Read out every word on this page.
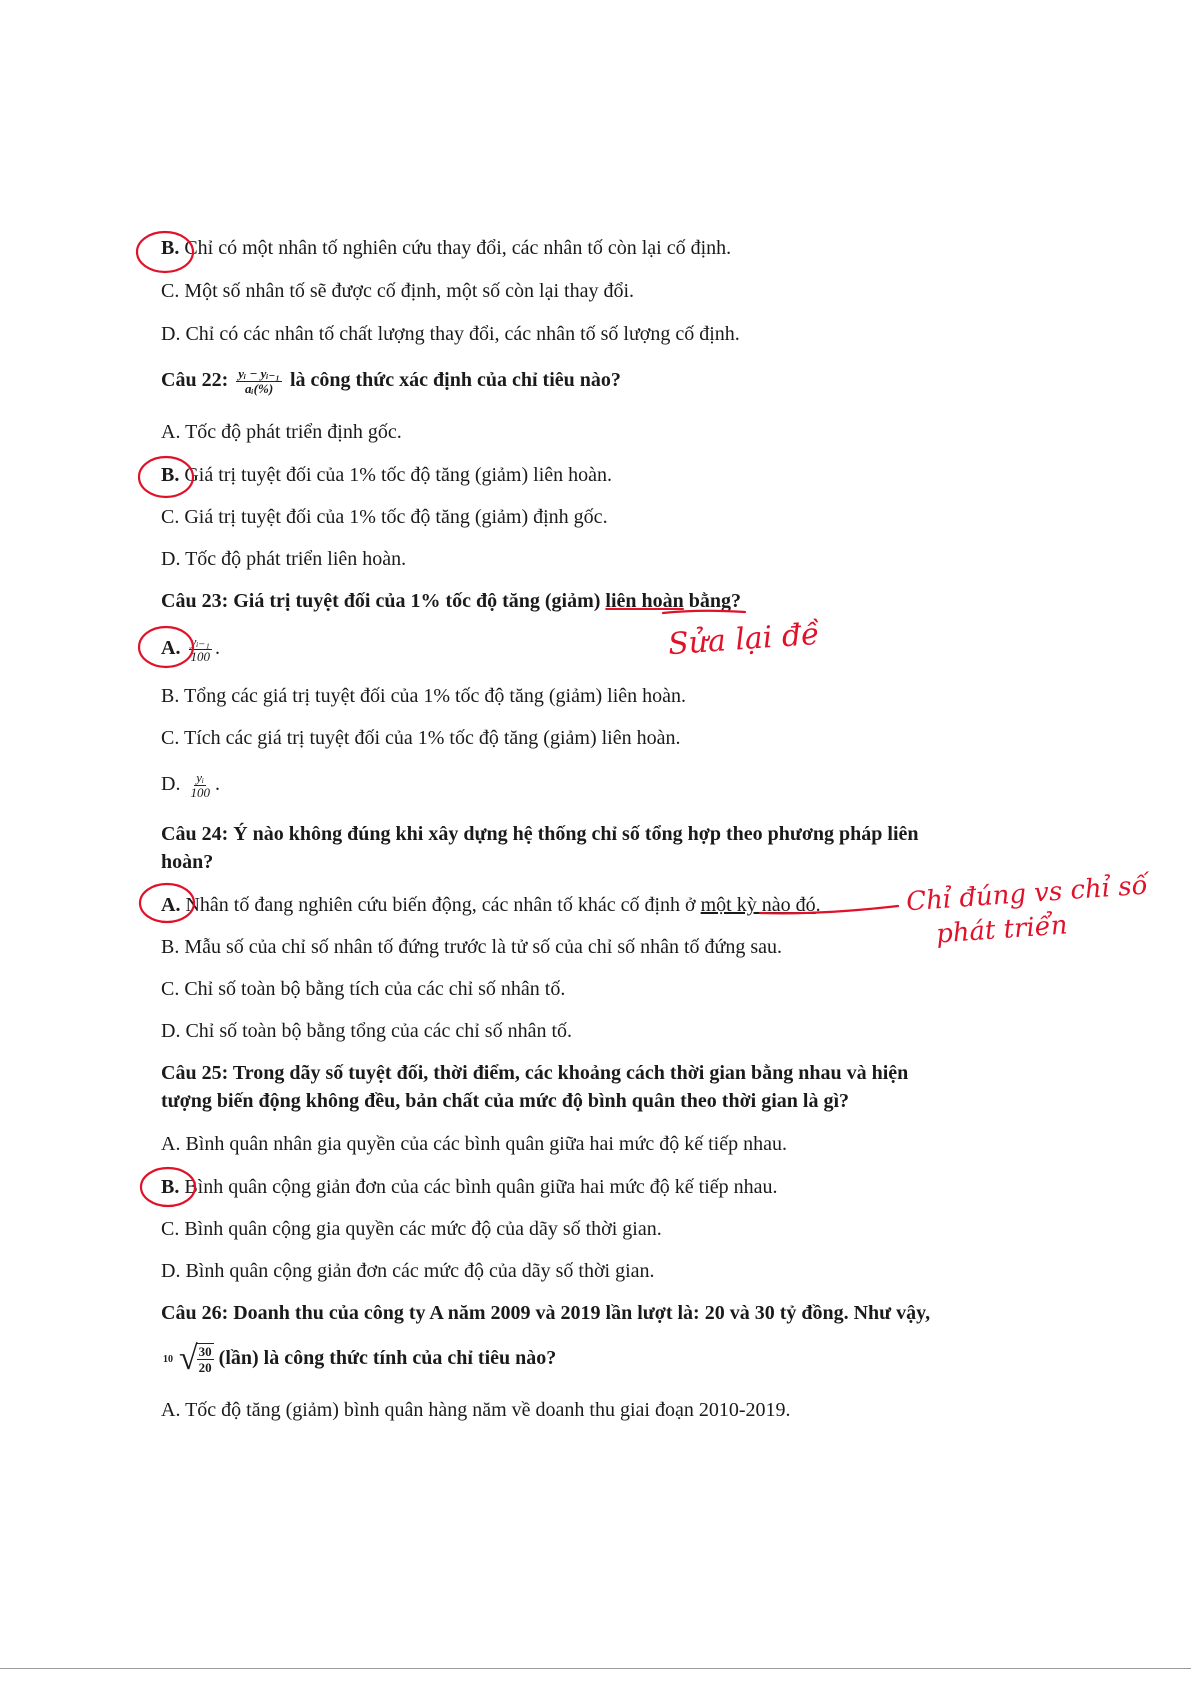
B. Chỉ có một nhân tố nghiên cứu thay đổi, các nhân tố còn lại cố định.
C. Một số nhân tố sẽ được cố định, một số còn lại thay đổi.
D. Chỉ có các nhân tố chất lượng thay đổi, các nhân tố số lượng cố định.
Câu 22: $\frac{\text{yᵢ − yᵢ₋₁}}{\text{aᵢ(\%)}}$ là công thức xác định của chỉ tiêu nào?
A. Tốc độ phát triển định gốc.
B. Giá trị tuyệt đối của 1% tốc độ tăng (giảm) liên hoàn.
C. Giá trị tuyệt đối của 1% tốc độ tăng (giảm) định gốc.
D. Tốc độ phát triển liên hoàn.
Câu 23: Giá trị tuyệt đối của 1% tốc độ tăng (giảm) liên hoàn bằng?
A. $\frac{\text{yᵢ₋₁}}{100}$ .
B. Tổng các giá trị tuyệt đối của 1% tốc độ tăng (giảm) liên hoàn.
C. Tích các giá trị tuyệt đối của 1% tốc độ tăng (giảm) liên hoàn.
D. $\frac{\text{yᵢ}}{100}$ .
Câu 24: Ý nào không đúng khi xây dựng hệ thống chỉ số tổng hợp theo phương pháp liên
hoàn?
A. Nhân tố đang nghiên cứu biến động, các nhân tố khác cố định ở một kỳ nào đó.
B. Mẫu số của chỉ số nhân tố đứng trước là tử số của chỉ số nhân tố đứng sau.
C. Chỉ số toàn bộ bằng tích của các chỉ số nhân tố.
D. Chỉ số toàn bộ bằng tổng của các chỉ số nhân tố.
Câu 25: Trong dãy số tuyệt đối, thời điểm, các khoảng cách thời gian bằng nhau và hiện
tượng biến động không đều, bản chất của mức độ bình quân theo thời gian là gì?
A. Bình quân nhân gia quyền của các bình quân giữa hai mức độ kế tiếp nhau.
B. Bình quân cộng giản đơn của các bình quân giữa hai mức độ kế tiếp nhau.
C. Bình quân cộng gia quyền các mức độ của dãy số thời gian.
D. Bình quân cộng giản đơn các mức độ của dãy số thời gian.
Câu 26: Doanh thu của công ty A năm 2009 và 2019 lần lượt là: 20 và 30 tỷ đồng. Như vậy,
10 √ $\frac{30}{20}$ (lần) là công thức tính của chỉ tiêu nào?
A. Tốc độ tăng (giảm) bình quân hàng năm về doanh thu giai đoạn 2010-2019.
Sửa lại đề
Chỉ đúng vs chỉ số
phát triển
